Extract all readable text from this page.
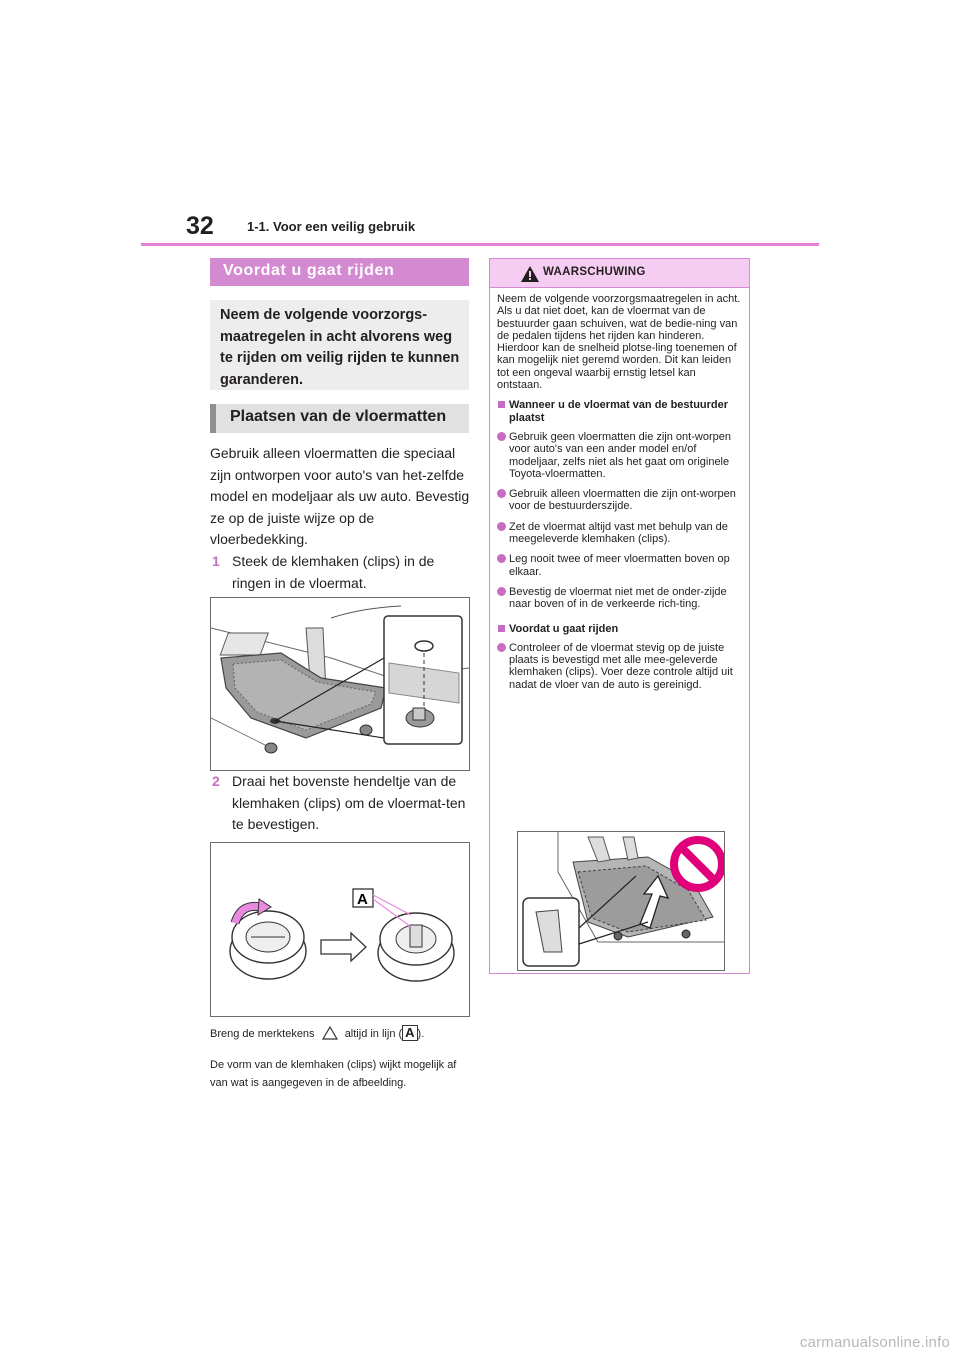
32	1-1. Voor een veilig gebruik
Voordat u gaat rijden
Neem de volgende voorzorgs-maatregelen in acht alvorens weg te rijden om veilig rijden te kunnen garanderen.
Plaatsen van de vloermatten
Gebruik alleen vloermatten die speciaal zijn ontworpen voor auto's van het-zelfde model en modeljaar als uw auto. Bevestig ze op de juiste wijze op de vloerbedekking.
1 Steek de klemhaken (clips) in de ringen in de vloermat.
2 Draai het bovenste hendeltje van de klemhaken (clips) om de vloermat-ten te bevestigen.
A
Breng de merktekens	altijd in lijn ( A ).
De vorm van de klemhaken (clips) wijkt mogelijk af van wat is aangegeven in de afbeelding.
WAARSCHUWING

Neem de volgende voorzorgsmaatregelen in acht.

Als u dat niet doet, kan de vloermat van de bestuurder gaan schuiven, wat de bedie-ning van de pedalen tijdens het rijden kan hinderen. Hierdoor kan de snelheid plotse-ling toenemen of kan mogelijk niet geremd worden. Dit kan leiden tot een ongeval waarbij ernstig letsel kan ontstaan.

Wanneer u de vloermat van de bestuurder plaatst
Gebruik geen vloermatten die zijn ont-worpen voor auto's van een ander model en/of modeljaar, zelfs niet als het gaat om originele Toyota-vloermatten.
Gebruik alleen vloermatten die zijn ont-worpen voor de bestuurderszijde.
Zet de vloermat altijd vast met behulp van de meegeleverde klemhaken (clips).
Leg nooit twee of meer vloermatten boven op elkaar.
Bevestig de vloermat niet met de onder-zijde naar boven of in de verkeerde rich-ting.
Voordat u gaat rijden
Controleer of de vloermat stevig op de juiste plaats is bevestigd met alle mee-geleverde klemhaken (clips). Voer deze controle altijd uit nadat de vloer van de auto is gereinigd.
carmanualsonline.info
